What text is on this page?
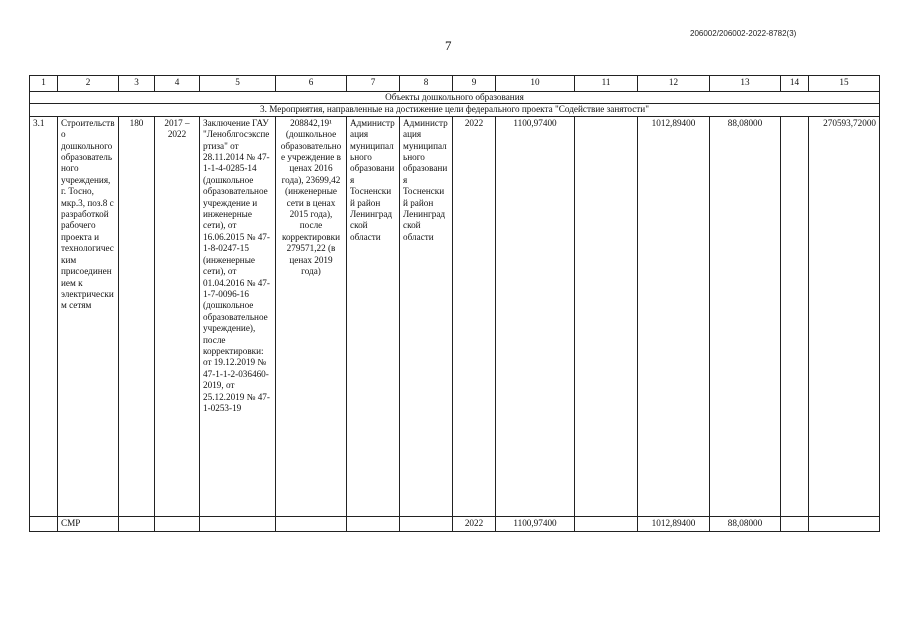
206002/206002-2022-8782(3)
7
1	2	3	4	5	6	7	8	9	10	11	12	13	14	15
Объекты дошкольного образования														
3. Мероприятия, направленные на достижение цели федерального проекта "Содействие занятости"														
3.1	Строительство дошкольного образовательного учреждения, г. Тосно, мкр.3, поз.8 с разработкой рабочего проекта и технологическим присоединением к электрическим сетям	180	2017 – 2022	Заключение ГАУ "Леноблгосэкспертиза" от 28.11.2014 № 47-1-1-4-0285-14 (дошкольное образовательное учреждение и инженерные сети), от 16.06.2015 № 47-1-8-0247-15 (инженерные сети), от 01.04.2016 № 47-1-7-0096-16 (дошкольное образовательное учреждение), после корректировки: от 19.12.2019 № 47-1-1-2-036460-2019, от 25.12.2019 № 47-1-0253-19	208842,19¹ (дошкольное образовательное учреждение в ценах 2016 года), 23699,42 (инженерные сети в ценах 2015 года), после корректировки 279571,22 (в ценах 2019 года)	Администрация муниципального образования Тосненский район Ленинградской области	Администрация муниципального образования Тосненский район Ленинградской области	2022	1100,97400		1012,89400	88,08000		270593,72000
	СМР							2022	1100,97400		1012,89400	88,08000		
